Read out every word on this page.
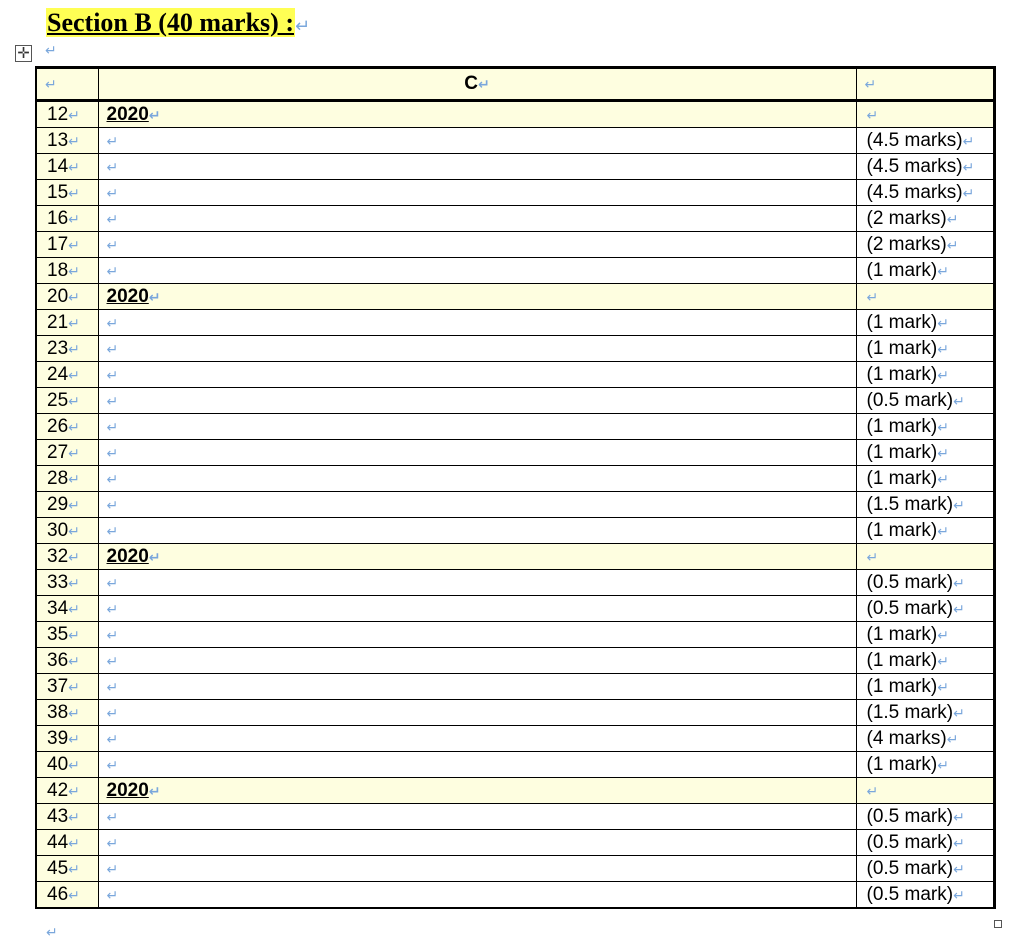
Section B (40 marks) :↵
✛ ↵
↵	C↵	↵
12↵	2020↵	↵
13↵	↵	(4.5 marks)↵
14↵	↵	(4.5 marks)↵
15↵	↵	(4.5 marks)↵
16↵	↵	(2 marks)↵
17↵	↵	(2 marks)↵
18↵	↵	(1 mark)↵
20↵	2020↵	↵
21↵	↵	(1 mark)↵
23↵	↵	(1 mark)↵
24↵	↵	(1 mark)↵
25↵	↵	(0.5 mark)↵
26↵	↵	(1 mark)↵
27↵	↵	(1 mark)↵
28↵	↵	(1 mark)↵
29↵	↵	(1.5 mark)↵
30↵	↵	(1 mark)↵
32↵	2020↵	↵
33↵	↵	(0.5 mark)↵
34↵	↵	(0.5 mark)↵
35↵	↵	(1 mark)↵
36↵	↵	(1 mark)↵
37↵	↵	(1 mark)↵
38↵	↵	(1.5 mark)↵
39↵	↵	(4 marks)↵
40↵	↵	(1 mark)↵
42↵	2020↵	↵
43↵	↵	(0.5 mark)↵
44↵	↵	(0.5 mark)↵
45↵	↵	(0.5 mark)↵
46↵	↵	(0.5 mark)↵
↵
